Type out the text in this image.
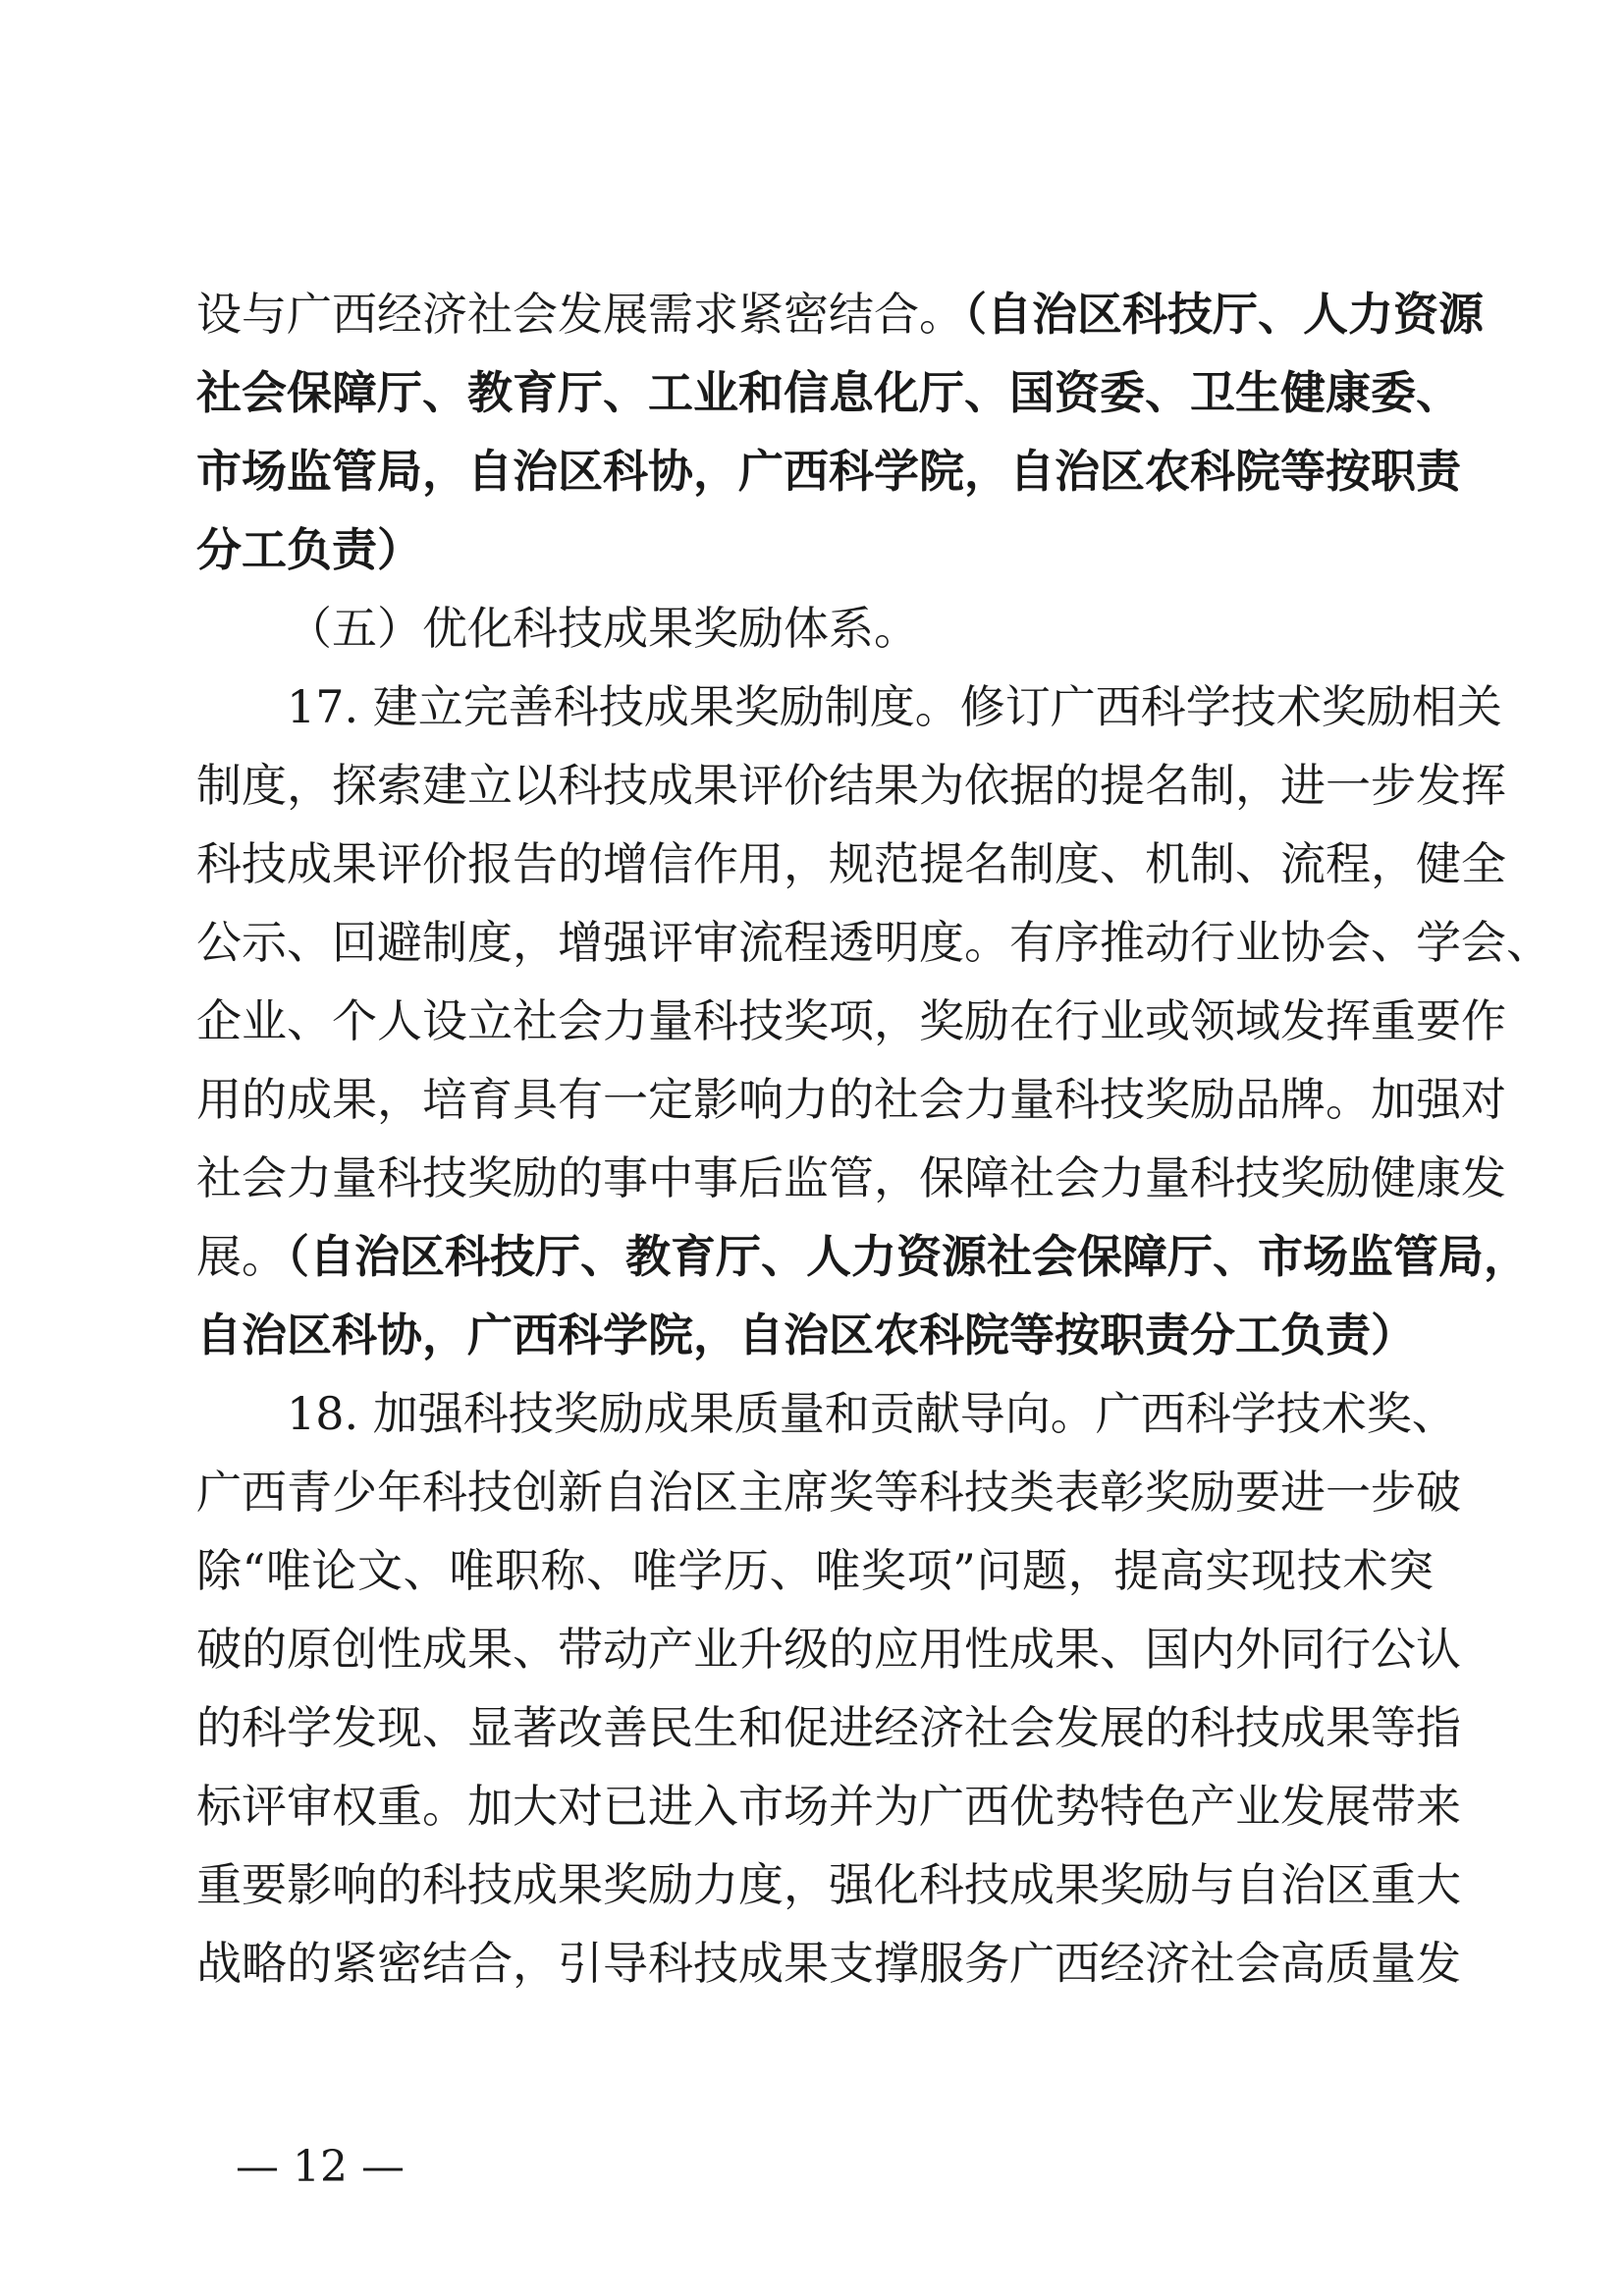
设与广西经济社会发展需求紧密结合。（自治区科技厅、人力资源
社会保障厅、教育厅、工业和信息化厅、国资委、卫生健康委、
市场监管局，自治区科协，广西科学院，自治区农科院等按职责
分工负责）
（五）优化科技成果奖励体系。
17. 建立完善科技成果奖励制度。修订广西科学技术奖励相关
制度，探索建立以科技成果评价结果为依据的提名制，进一步发挥
科技成果评价报告的增信作用，规范提名制度、机制、流程，健全
公示、回避制度，增强评审流程透明度。有序推动行业协会、学会、
企业、个人设立社会力量科技奖项，奖励在行业或领域发挥重要作
用的成果，培育具有一定影响力的社会力量科技奖励品牌。加强对
社会力量科技奖励的事中事后监管，保障社会力量科技奖励健康发
展。（自治区科技厅、教育厅、人力资源社会保障厅、市场监管局，
自治区科协，广西科学院，自治区农科院等按职责分工负责）
18. 加强科技奖励成果质量和贡献导向。广西科学技术奖、
广西青少年科技创新自治区主席奖等科技类表彰奖励要进一步破
除“唯论文、唯职称、唯学历、唯奖项”问题，提高实现技术突
破的原创性成果、带动产业升级的应用性成果、国内外同行公认
的科学发现、显著改善民生和促进经济社会发展的科技成果等指
标评审权重。加大对已进入市场并为广西优势特色产业发展带来
重要影响的科技成果奖励力度，强化科技成果奖励与自治区重大
战略的紧密结合，引导科技成果支撑服务广西经济社会高质量发
— 12 —
